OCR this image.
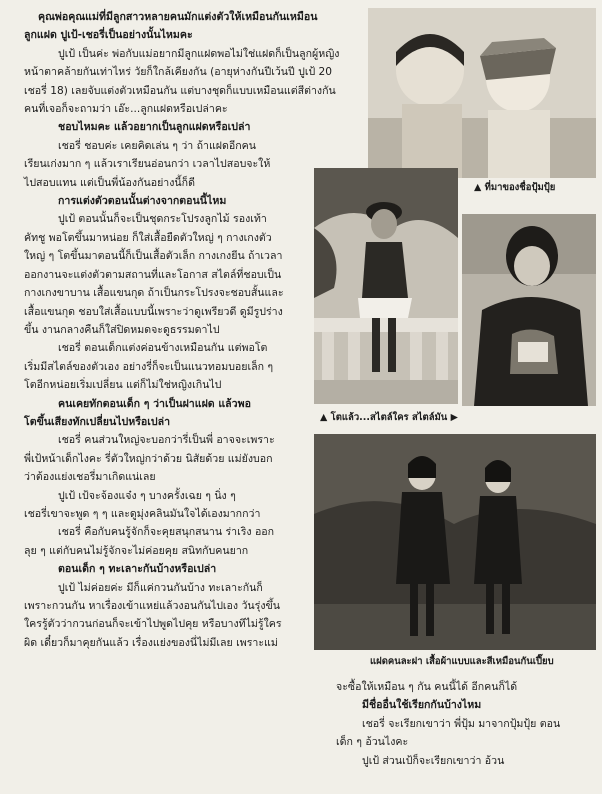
คุณพ่อคุณแม่ที่มีลูกสาวหลายคนมักแต่งตัวให้เหมือนกันเหมือน

ลูกแฝด ปูเป้-เชอรี่เป็นอย่างนั้นไหมคะ

ปูเป้ เป็นค่ะ พ่อกับแม่อยากมีลูกแฝดพอไม่ใช่แฝดก็เป็นลูกผู้หญิง

หน้าตาคล้ายกันเท่าไหร่ วัยก็ใกล้เคียงกัน (อายุห่างกันปีเว้นปี ปูเป้ 20

เชอรี่ 18) เลยจับแต่งตัวเหมือนกัน แต่บางชุดก็แบบเหมือนแต่สีต่างกัน

คนที่เจอก็จะถามว่า เอ๊ะ...ลูกแฝดหรือเปล่าคะ

ชอบไหมคะ แล้วอยากเป็นลูกแฝดหรือเปล่า

เชอรี่ ชอบค่ะ เคยคิดเล่น ๆ ว่า ถ้าแฝดอีกคน

เรียนเก่งมาก ๆ แล้วเราเรียนอ่อนกว่า เวลาไปสอบจะให้

ไปสอบแทน แต่เป็นพี่น้องกันอย่างนี้ก็ดี

การแต่งตัวตอนนั้นต่างจากตอนนี้ไหม

ปูเป้ ตอนนั้นก็จะเป็นชุดกระโปรงลูกไม้ รองเท้า

คัทชู พอโตขึ้นมาหน่อย ก็ใส่เสื้อยืดตัวใหญ่ ๆ กางเกงตัว

ใหญ่ ๆ โตขึ้นมาตอนนี้ก็เป็นเสื้อตัวเล็ก กางเกงยีน ถ้าเวลา

ออกงานจะแต่งตัวตามสถานที่และโอกาส สไตล์ที่ชอบเป็น

กางเกงขาบาน เสื้อแขนกุด ถ้าเป็นกระโปรงจะชอบสั้นและ

เสื้อแขนกุด ชอบใส่เสื้อแบบนี้เพราะว่าดูเพรียวดี ดูมีรูปร่าง

ขึ้น งานกลางคืนก็ใส่ปิดหมดจะดูธรรมดาไป

เชอรี่ ตอนเด็กแต่งค่อนข้างเหมือนกัน แต่พอโต

เริ่มมีสไตล์ของตัวเอง อย่างรี่ก็จะเป็นแนวทอมบอยเล็ก ๆ

โตอีกหน่อยเริ่มเปลี่ยน แต่ก็ไม่ใช่หญิงเกินไป

คนเคยทักตอนเด็ก ๆ ว่าเป็นฝาแฝด แล้วพอ

โตขึ้นเสียงทักเปลี่ยนไปหรือเปล่า

เชอรี่ คนส่วนใหญ่จะบอกว่ารี่เป็นพี่ อาจจะเพราะ

พี่เป้หน้าเด็กไงคะ รี่ตัวใหญ่กว่าด้วย นิสัยด้วย แม่ยังบอก

ว่าต้องแย่งเชอรี่มาเกิดแน่เลย

ปูเป้ เป้จะจ้องแจ๋ง ๆ บางครั้งเฉย ๆ นิ่ง ๆ

เชอรี่เขาจะพูด ๆ ๆ และดูมุ่งคลินมันใจได้เองมากกว่า

เชอรี่ คือกับคนรู้จักก็จะคุยสนุกสนาน ร่าเริง ออก

ลุย ๆ แต่กับคนไม่รู้จักจะไม่ค่อยคุย สนิทกับคนยาก

ตอนเด็ก ๆ ทะเลาะกันบ้างหรือเปล่า

ปูเป้ ไม่ค่อยค่ะ มีก็แค่กวนกันบ้าง ทะเลาะกันก็

เพราะกวนกัน หาเรื่องเข้าแหย่แล้วงอนกันไปเอง วันรุ่งขึ้น

ใครรู้ตัวว่ากวนก่อนก็จะเข้าไปพูดไปคุย หรือบางทีไม่รู้ใคร

ผิด เดี๋ยวก็มาคุยกันแล้ว เรื่องแย่งของนี่ไม่มีเลย เพราะแม่

▲ ที่มาของชื่อปุ้มปุ้ย
▲ โตแล้ว...สไตล์ใคร สไตล์มัน ▶
แฝดคนละฝา เสื้อผ้าแบบและสีเหมือนกันเปี๊ยบ

จะซื้อให้เหมือน ๆ กัน คนนี้ได้ อีกคนก็ได้

มีชื่ออื่นใช้เรียกกันบ้างไหม

เชอรี่ จะเรียกเขาว่า พี่ปุ้ม มาจากปุ้มปุ้ย ตอน

เด็ก ๆ อ้วนไงคะ

ปูเป้ ส่วนเป้ก็จะเรียกเขาว่า อ้วน
